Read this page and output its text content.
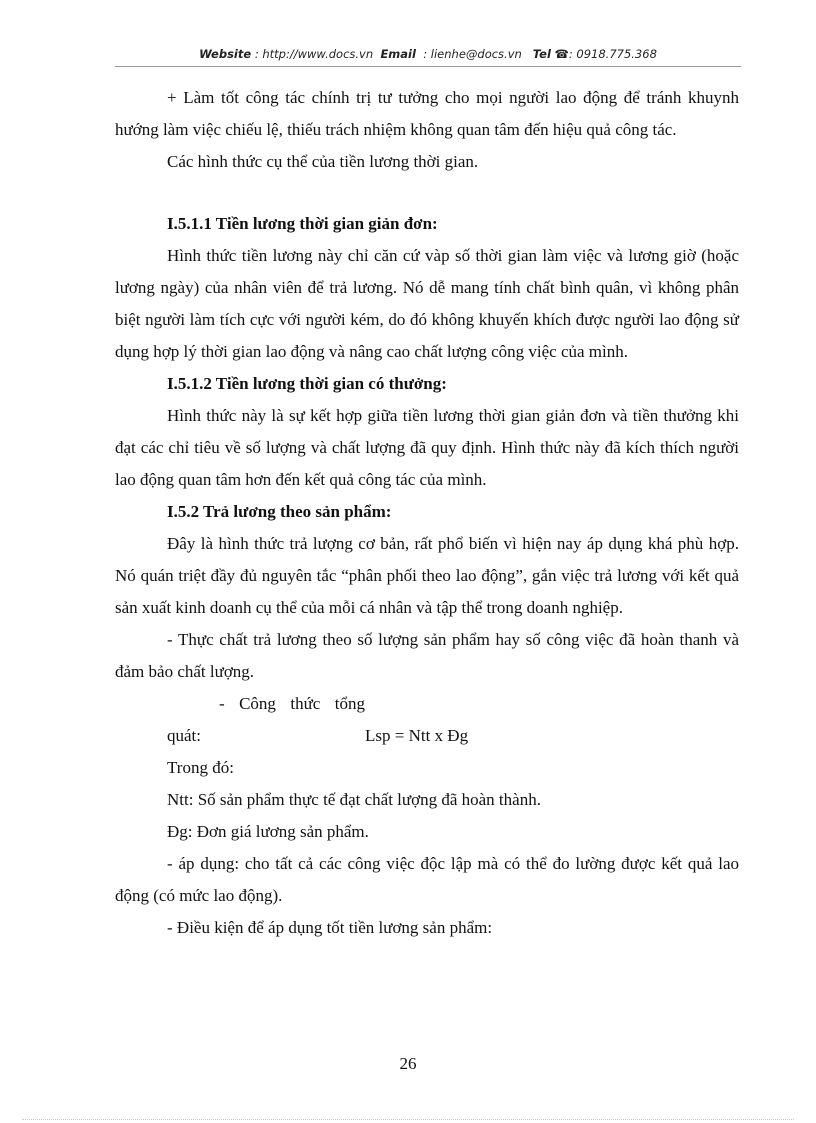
Website : http://www.docs.vn Email : lienhe@docs.vn Tel ☎: 0918.775.368

+ Làm tốt công tác chính trị tư tưởng cho mọi người lao động để tránh khuynh hướng làm việc chiếu lệ, thiếu trách nhiệm không quan tâm đến hiệu quả công tác.

Các hình thức cụ thể của tiền lương thời gian.

I.5.1.1 Tiền lương thời gian giản đơn:

Hình thức tiền lương này chỉ căn cứ vàp số thời gian làm việc và lương giờ (hoặc lương ngày) của nhân viên để trả lương. Nó dễ mang tính chất bình quân, vì không phân biệt người làm tích cực với người kém, do đó không khuyến khích được người lao động sử dụng hợp lý thời gian lao động và nâng cao chất lượng công việc của mình.

I.5.1.2 Tiền lương thời gian có thưởng:

Hình thức này là sự kết hợp giữa tiền lương thời gian giản đơn và tiền thưởng khi đạt các chỉ tiêu về số lượng và chất lượng đã quy định. Hình thức này đã kích thích người lao động quan tâm hơn đến kết quả công tác của mình.

I.5.2 Trả lương theo sản phẩm:

Đây là hình thức trả lượng cơ bản, rất phổ biến vì hiện nay áp dụng khá phù hợp. Nó quán triệt đầy đủ nguyên tắc “phân phối theo lao động”, gắn việc trả lương với kết quả sản xuất kinh doanh cụ thể của mỗi cá nhân và tập thể trong doanh nghiệp.

- Thực chất trả lương theo số lượng sản phẩm hay số công việc đã hoàn thanh và đảm bảo chất lượng.

- Công thức tổng quát:	Lsp = Ntt x Đg

Trong đó:

Ntt: Số sản phẩm thực tế đạt chất lượng đã hoàn thành.

Đg: Đơn giá lương sản phẩm.

- áp dụng: cho tất cả các công việc độc lập mà có thể đo lường được kết quả lao động (có mức lao động).

- Điều kiện để áp dụng tốt tiền lương sản phẩm:

26
